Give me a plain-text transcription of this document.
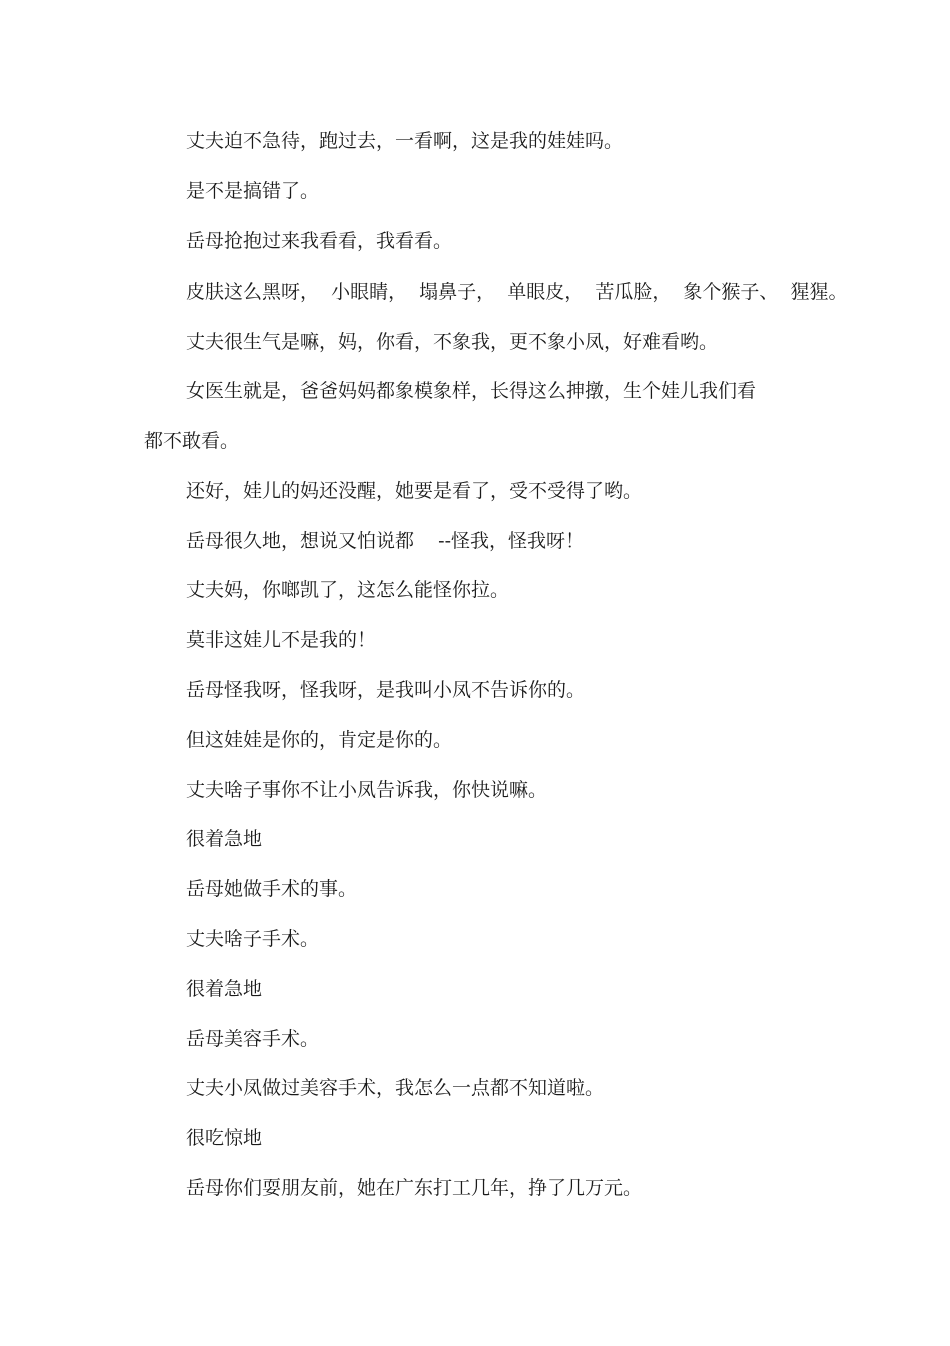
丈夫迫不急待，跑过去，一看啊，这是我的娃娃吗。

是不是搞错了。

岳母抢抱过来我看看，我看看。

皮肤这么黑呀，  小眼睛，  塌鼻子，  单眼皮，  苦瓜脸，  象个猴子、  猩猩。

丈夫很生气是嘛，妈，你看，不象我，更不象小凤，好难看哟。

女医生就是，爸爸妈妈都象模象样，长得这么抻撴，生个娃儿我们看

都不敢看。

还好，娃儿的妈还没醒，她要是看了，受不受得了哟。

岳母很久地，想说又怕说都    --怪我，怪我呀！

丈夫妈，你啷凯了，这怎么能怪你拉。

莫非这娃儿不是我的！

岳母怪我呀，怪我呀，是我叫小凤不告诉你的。

但这娃娃是你的，肯定是你的。

丈夫啥子事你不让小凤告诉我，你快说嘛。

很着急地

岳母她做手术的事。

丈夫啥子手术。

很着急地

岳母美容手术。

丈夫小凤做过美容手术，我怎么一点都不知道啦。

很吃惊地

岳母你们耍朋友前，她在广东打工几年，挣了几万元。
